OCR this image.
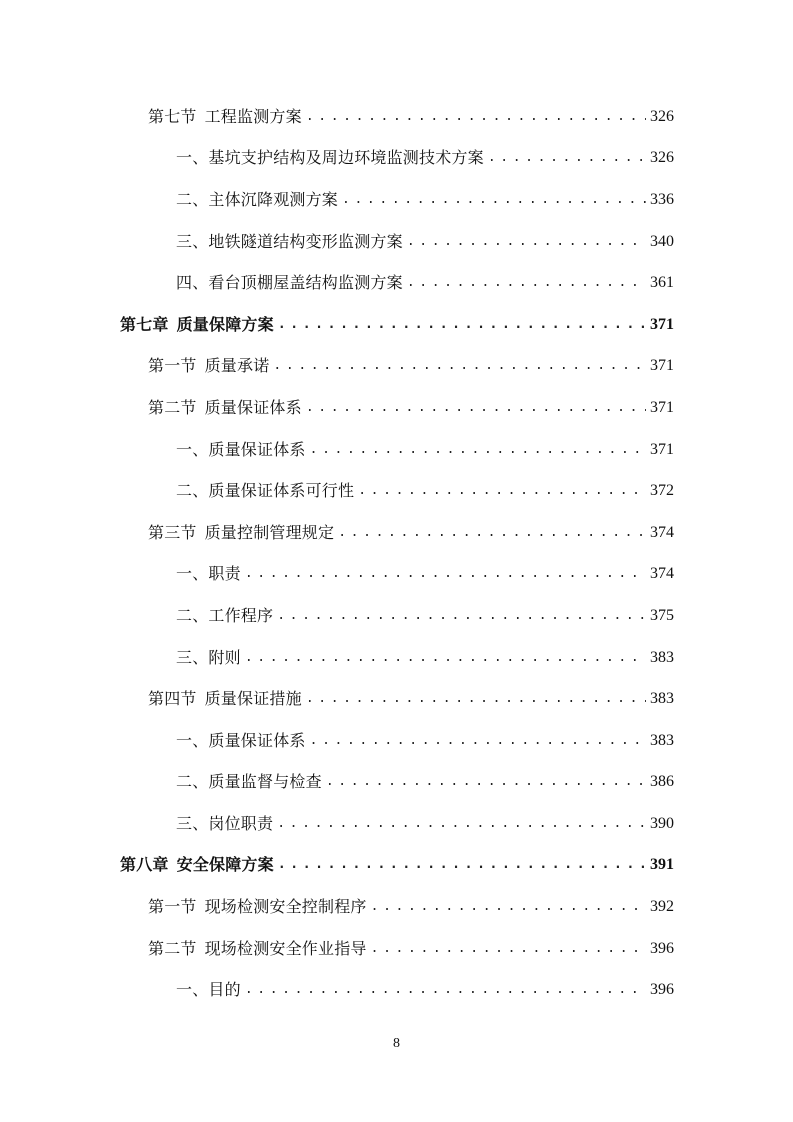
第七节 工程监测方案 . . .	326
一、基坑支护结构及周边环境监测技术方案 . . .	326
二、主体沉降观测方案 . . .	336
三、地铁隧道结构变形监测方案 . . .	340
四、看台顶棚屋盖结构监测方案 . . .	361
第七章 质量保障方案 . . .	371
第一节 质量承诺 . . .	371
第二节 质量保证体系 . . .	371
一、质量保证体系 . . .	371
二、质量保证体系可行性 . . .	372
第三节 质量控制管理规定 . . .	374
一、职责 . . .	374
二、工作程序 . . .	375
三、附则 . . .	383
第四节 质量保证措施 . . .	383
一、质量保证体系 . . .	383
二、质量监督与检查 . . .	386
三、岗位职责 . . .	390
第八章 安全保障方案 . . .	391
第一节 现场检测安全控制程序 . . .	392
第二节 现场检测安全作业指导 . . .	396
一、目的 . . .	396
8
